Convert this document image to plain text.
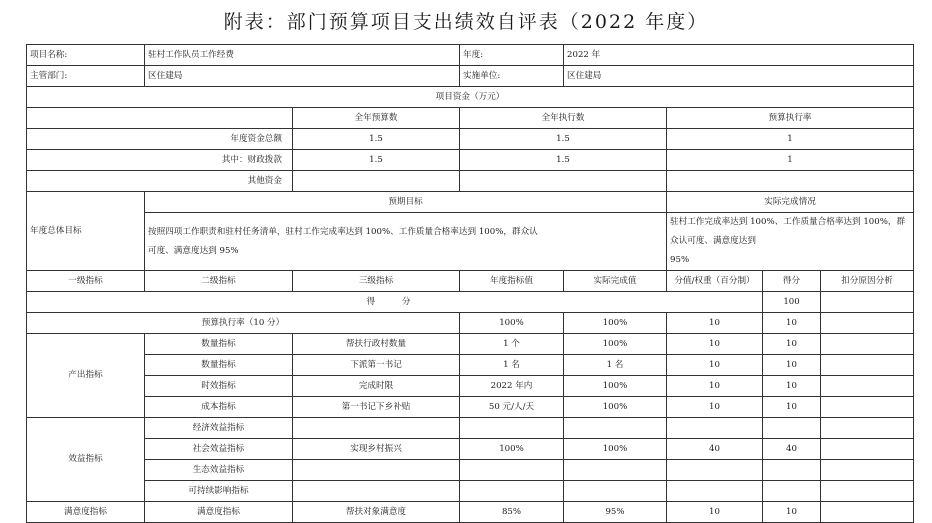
附表：部门预算项目支出绩效自评表（2022 年度）
项目名称:	驻村工作队员工作经费		年度:	2022 年			
主管部门:	区住建局		实施单位:	区住建局			
项目资金（万元）							
		全年预算数	全年执行数		预算执行率		
年度资金总额		1.5	1.5		1		
其中：财政拨款		1.5	1.5		1		
其他资金							
年度总体目标	预期目标				实际完成情况		
	按照四项工作职责和驻村任务清单，驻村工作完成率达到 100%、工作质量合格率达到 100%，群众认
可度、满意度达到 95%				驻村工作完成率达到 100%、工作质量合格率达到 100%，群众认可度、满意度达到
95%		
一级指标	二级指标	三级指标	年度指标值	实际完成值	分值/权重（百分制）	得分	扣分原因分析
得 分						100	
预算执行率（10 分）			100%	100%	10	10	
产出指标	数量指标	帮扶行政村数量	1 个	100%	10	10	
	数量指标	下派第一书记	1 名	1 名	10	10	
	时效指标	完成时限	2022 年内	100%	10	10	
	成本指标	第一书记下乡补贴	50 元/人/天	100%	10	10	
效益指标	经济效益指标						
	社会效益指标	实现乡村振兴	100%	100%	40	40	
	生态效益指标						
	可持续影响指标						
满意度指标	满意度指标	帮扶对象满意度	85%	95%	10	10	
